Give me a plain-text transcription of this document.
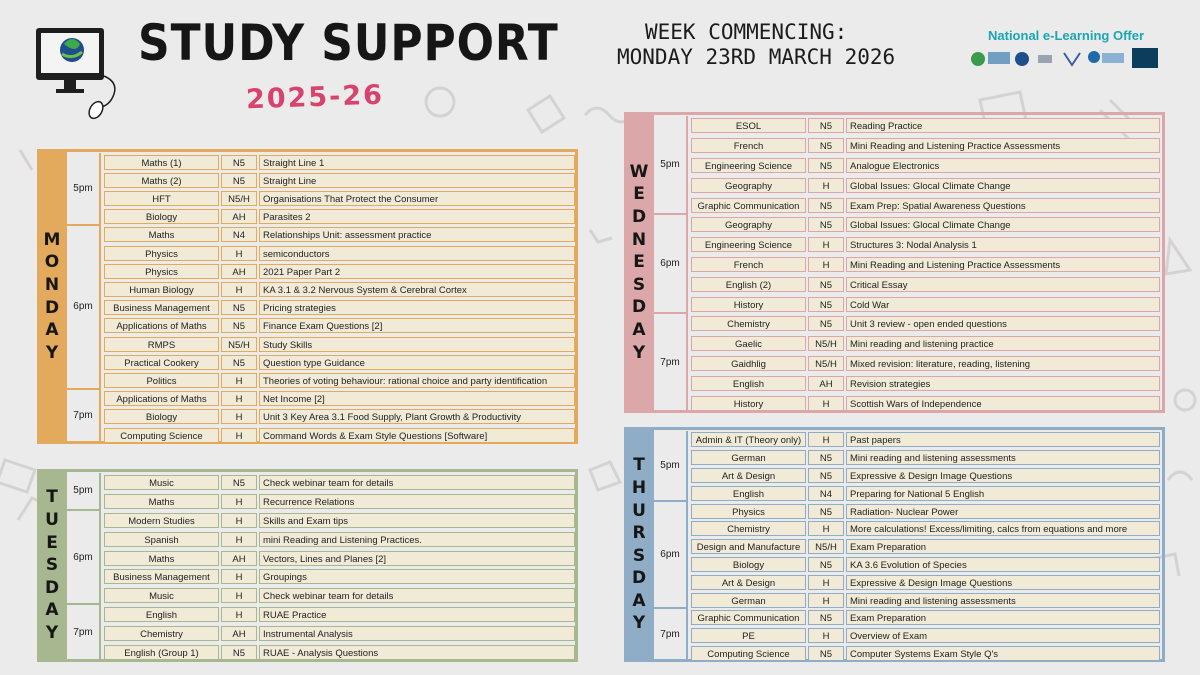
STUDY SUPPORT
2025-26
WEEK COMMENCING:
MONDAY 23RD MARCH 2026
National e-Learning Offer
M
O
N
D
A
Y
5pm
Maths (1)	N5	Straight Line 1
Maths (2)	N5	Straight Line
HFT	N5/H	Organisations That Protect the Consumer
Biology	AH	Parasites 2
6pm
Maths	N4	Relationships Unit: assessment practice
Physics	H	semiconductors
Physics	AH	2021 Paper Part 2
Human Biology	H	KA 3.1 & 3.2 Nervous System & Cerebral Cortex
Business Management	N5	Pricing strategies
Applications of Maths	N5	Finance Exam Questions [2]
RMPS	N5/H	Study Skills
Practical Cookery	N5	Question type Guidance
Politics	H	Theories of voting behaviour: rational choice and party identification
7pm
Applications of Maths	H	Net Income [2]
Biology	H	Unit 3 Key Area 3.1 Food Supply, Plant Growth & Productivity
Computing Science	H	Command Words & Exam Style Questions [Software]
T
U
E
S
D
A
Y
5pm
Music	N5	Check webinar team for details
Maths	H	Recurrence Relations
6pm
Modern Studies	H	Skills and Exam tips
Spanish	H	mini Reading and Listening Practices.
Maths	AH	Vectors, Lines and Planes [2]
Business Management	H	Groupings
Music	H	Check webinar team for details
7pm
English	H	RUAE Practice
Chemistry	AH	Instrumental Analysis
English (Group 1)	N5	RUAE - Analysis Questions
W
E
D
N
E
S
D
A
Y
5pm
ESOL	N5	Reading Practice
French	N5	Mini Reading and Listening Practice Assessments
Engineering Science	N5	Analogue Electronics
Geography	H	Global Issues: Glocal Climate Change
Graphic Communication	N5	Exam Prep: Spatial Awareness Questions
6pm
Geography	N5	Global Issues: Glocal Climate Change
Engineering Science	H	Structures 3: Nodal Analysis 1
French	H	Mini Reading and Listening Practice Assessments
English (2)	N5	Critical Essay
History	N5	Cold War
7pm
Chemistry	N5	Unit 3 review - open ended questions
Gaelic	N5/H	Mini reading and listening practice
Gaidhlig	N5/H	Mixed revision: literature, reading, listening
English	AH	Revision strategies
History	H	Scottish Wars of Independence
T
H
U
R
S
D
A
Y
5pm
Admin & IT (Theory only)	H	Past papers
German	N5	Mini reading and listening assessments
Art & Design	N5	Expressive & Design Image Questions
English	N4	Preparing for National 5 English
6pm
Physics	N5	Radiation- Nuclear Power
Chemistry	H	More calculations! Excess/limiting, calcs from equations and more
Design and Manufacture	N5/H	Exam Preparation
Biology	N5	KA 3.6 Evolution of Species
Art & Design	H	Expressive & Design Image Questions
German	H	Mini reading and listening assessments
7pm
Graphic Communication	N5	Exam Preparation
PE	H	Overview of Exam
Computing Science	N5	Computer Systems Exam Style Q's
